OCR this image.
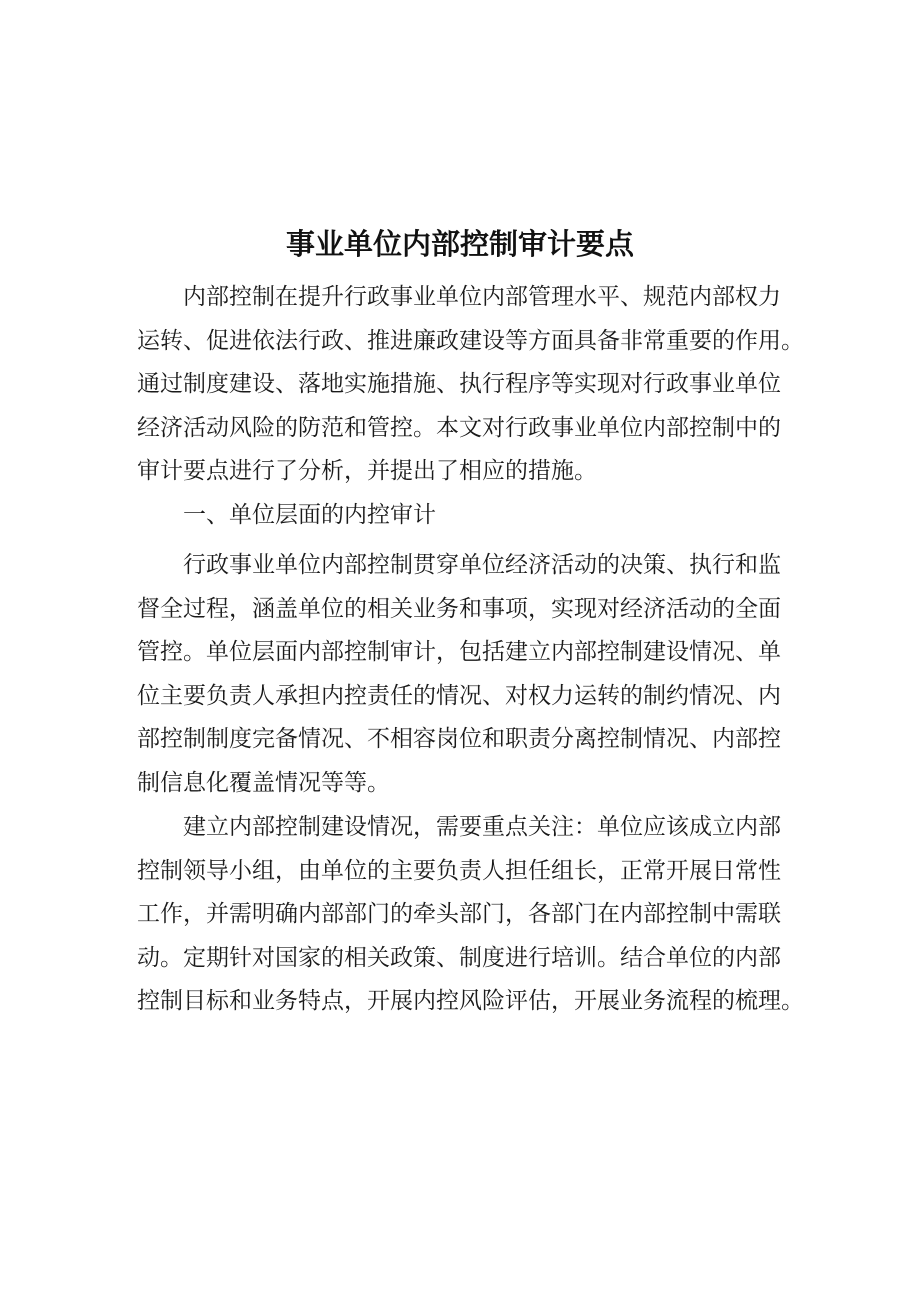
事业单位内部控制审计要点
内部控制在提升行政事业单位内部管理水平、规范内部权力
运转、促进依法行政、推进廉政建设等方面具备非常重要的作用。
通过制度建设、落地实施措施、执行程序等实现对行政事业单位
经济活动风险的防范和管控。本文对行政事业单位内部控制中的
审计要点进行了分析，并提出了相应的措施。
一、单位层面的内控审计
行政事业单位内部控制贯穿单位经济活动的决策、执行和监
督全过程，涵盖单位的相关业务和事项，实现对经济活动的全面
管控。单位层面内部控制审计，包括建立内部控制建设情况、单
位主要负责人承担内控责任的情况、对权力运转的制约情况、内
部控制制度完备情况、不相容岗位和职责分离控制情况、内部控
制信息化覆盖情况等等。
建立内部控制建设情况，需要重点关注：单位应该成立内部
控制领导小组，由单位的主要负责人担任组长，正常开展日常性
工作，并需明确内部部门的牵头部门，各部门在内部控制中需联
动。定期针对国家的相关政策、制度进行培训。结合单位的内部
控制目标和业务特点，开展内控风险评估，开展业务流程的梳理。
